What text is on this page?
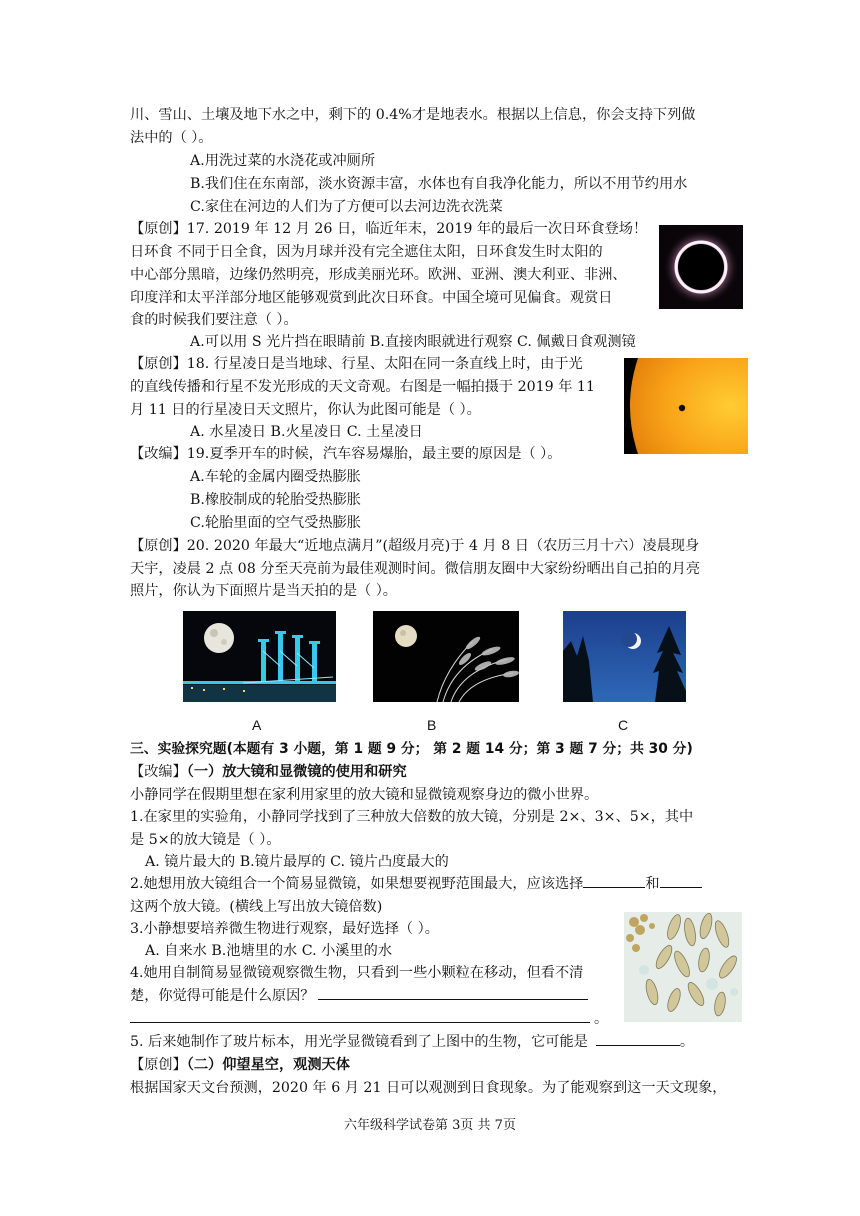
川、雪山、土壤及地下水之中，剩下的 0.4%才是地表水。根据以上信息，你会支持下列做
法中的（ ）。
A.用洗过菜的水浇花或冲厕所
B.我们住在东南部，淡水资源丰富，水体也有自我净化能力，所以不用节约用水
C.家住在河边的人们为了方便可以去河边洗衣洗菜
【原创】17. 2019 年 12 月 26 日，临近年末，2019 年的最后一次日环食登场！
日环食 不同于日全食，因为月球并没有完全遮住太阳，日环食发生时太阳的
中心部分黑暗，边缘仍然明亮，形成美丽光环。欧洲、亚洲、澳大利亚、非洲、
印度洋和太平洋部分地区能够观赏到此次日环食。中国全境可见偏食。观赏日
食的时候我们要注意（ ）。
A.可以用 S 光片挡在眼睛前 B.直接肉眼就进行观察 C. 佩戴日食观测镜
【原创】18. 行星凌日是当地球、行星、太阳在同一条直线上时，由于光
的直线传播和行星不发光形成的天文奇观。右图是一幅拍摄于 2019 年 11
月 11 日的行星凌日天文照片，你认为此图可能是（ ）。
A. 水星凌日 B.火星凌日 C. 土星凌日
【改编】19.夏季开车的时候，汽车容易爆胎，最主要的原因是（ ）。
A.车轮的金属内圈受热膨胀
B.橡胶制成的轮胎受热膨胀
C.轮胎里面的空气受热膨胀
【原创】20. 2020 年最大“近地点满月”(超级月亮)于 4 月 8 日（农历三月十六）凌晨现身
天宇，凌晨 2 点 08 分至天亮前为最佳观测时间。微信朋友圈中大家纷纷晒出自己拍的月亮
照片，你认为下面照片是当天拍的是（ ）。
A	B	C
三、实验探究题(本题有 3 小题，第 1 题 9 分； 第 2 题 14 分；第 3 题 7 分；共 30 分)
【改编】（一）放大镜和显微镜的使用和研究
小静同学在假期里想在家利用家里的放大镜和显微镜观察身边的微小世界。
1.在家里的实验角，小静同学找到了三种放大倍数的放大镜，分别是 2×、3×、5×，其中
是 5×的放大镜是（ ）。
A. 镜片最大的 B.镜片最厚的 C. 镜片凸度最大的
2.她想用放大镜组合一个简易显微镜，如果想要视野范围最大，应该选择	和
这两个放大镜。(横线上写出放大镜倍数)
3.小静想要培养微生物进行观察，最好选择（ ）。
A. 自来水 B.池塘里的水 C. 小溪里的水
4.她用自制简易显微镜观察微生物，只看到一些小颗粒在移动，但看不清
楚，你觉得可能是什么原因？
。
5. 后来她制作了玻片标本，用光学显微镜看到了上图中的生物，它可能是	。
【原创】（二）仰望星空，观测天体
根据国家天文台预测，2020 年 6 月 21 日可以观测到日食现象。为了能观察到这一天文现象，
六年级科学试卷第 3页 共 7页
